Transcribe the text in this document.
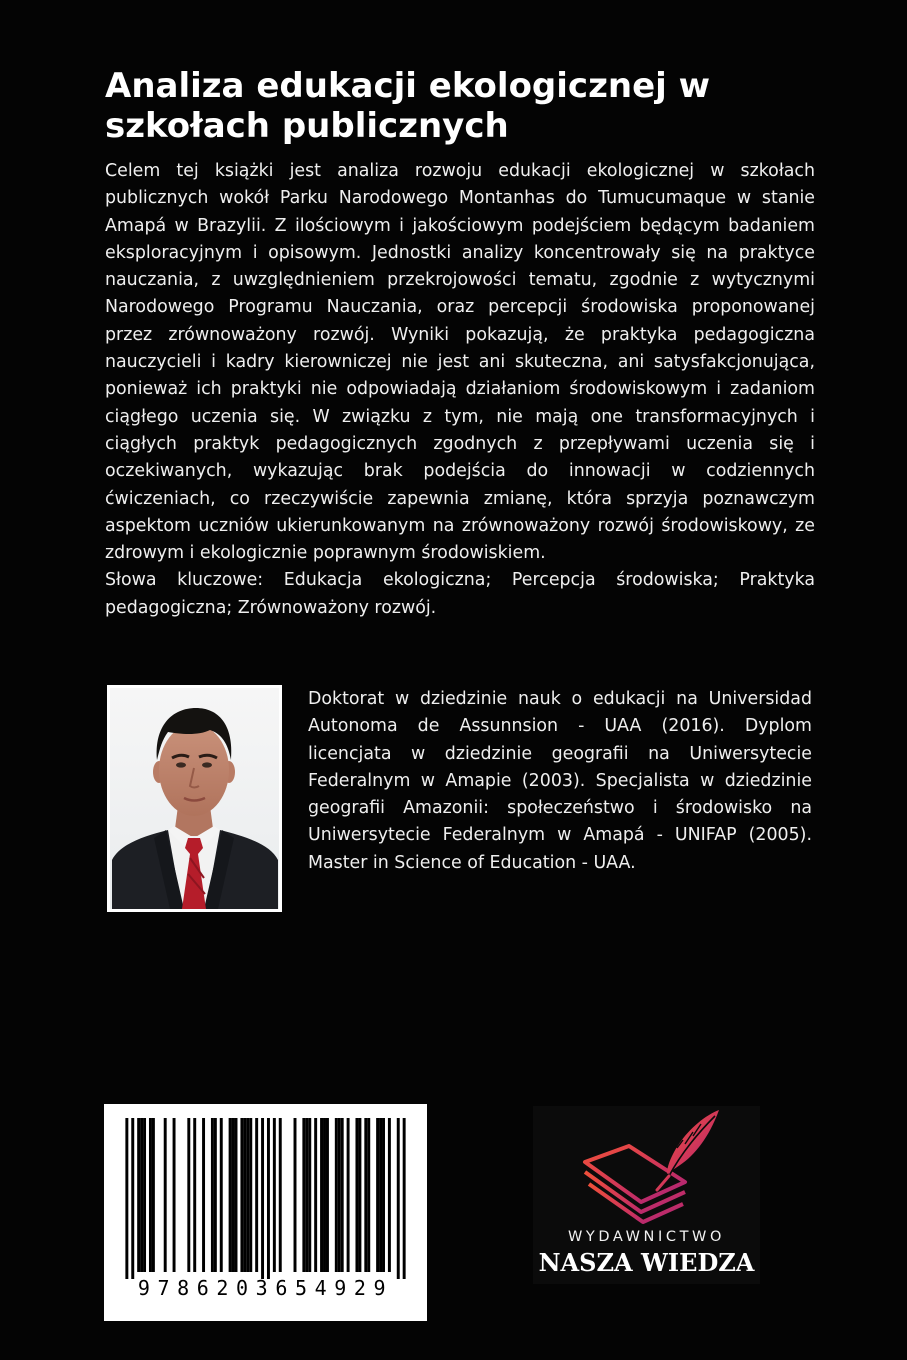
Analiza edukacji ekologicznej w szkołach publicznych

Celem tej książki jest analiza rozwoju edukacji ekologicznej w szkołach publicznych wokół Parku Narodowego Montanhas do Tumucumaque w stanie Amapá w Brazylii. Z ilościowym i jakościowym podejściem będącym badaniem eksploracyjnym i opisowym. Jednostki analizy koncentrowały się na praktyce nauczania, z uwzględnieniem przekrojowości tematu, zgodnie z wytycznymi Narodowego Programu Nauczania, oraz percepcji środowiska proponowanej przez zrównoważony rozwój. Wyniki pokazują, że praktyka pedagogiczna nauczycieli i kadry kierowniczej nie jest ani skuteczna, ani satysfakcjonująca, ponieważ ich praktyki nie odpowiadają działaniom środowiskowym i zadaniom ciągłego uczenia się. W związku z tym, nie mają one transformacyjnych i ciągłych praktyk pedagogicznych zgodnych z przepływami uczenia się i oczekiwanych, wykazując brak podejścia do innowacji w codziennych ćwiczeniach, co rzeczywiście zapewnia zmianę, która sprzyja poznawczym aspektom uczniów ukierunkowanym na zrównoważony rozwój środowiskowy, ze zdrowym i ekologicznie poprawnym środowiskiem.

Słowa kluczowe: Edukacja ekologiczna; Percepcja środowiska; Praktyka pedagogiczna; Zrównoważony rozwój.

Doktorat w dziedzinie nauk o edukacji na Universidad Autonoma de Assunnsion - UAA (2016). Dyplom licencjata w dziedzinie geografii na Uniwersytecie Federalnym w Amapie (2003). Specjalista w dziedzinie geografii Amazonii: społeczeństwo i środowisko na Uniwersytecie Federalnym w Amapá - UNIFAP (2005). Master in Science of Education - UAA.

9786203654929
WYDAWNICTWO
NASZA WIEDZA
